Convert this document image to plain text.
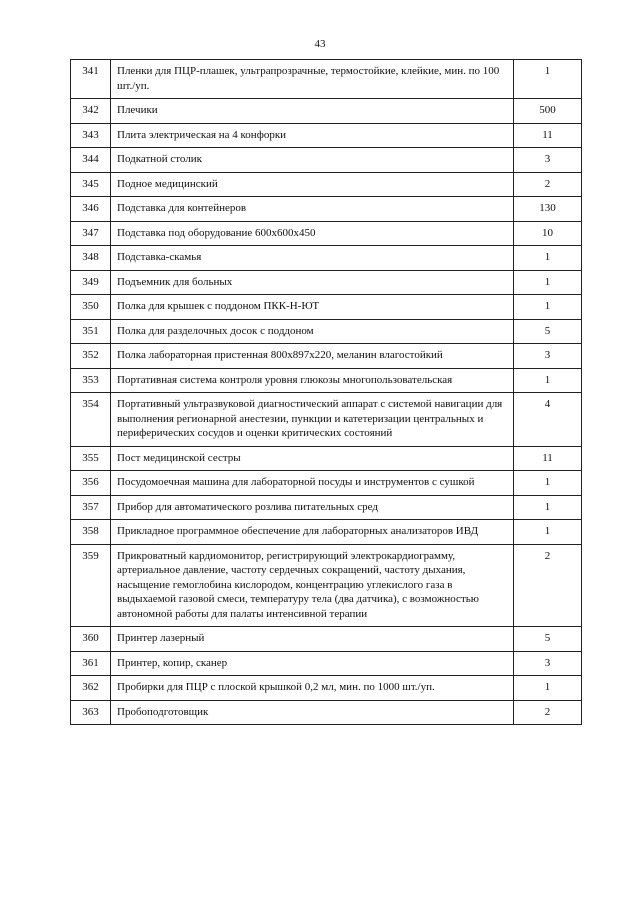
43
341	Пленки для ПЦР-плашек, ультрапрозрачные, термостойкие, клейкие, мин. по 100 шт./уп.	1
342	Плечики	500
343	Плита электрическая на 4 конфорки	11
344	Подкатной столик	3
345	Подное медицинский	2
346	Подставка для контейнеров	130
347	Подставка под оборудование 600x600x450	10
348	Подставка-скамья	1
349	Подъемник для больных	1
350	Полка для крышек с поддоном ПКК-Н-ЮТ	1
351	Полка для разделочных досок с поддоном	5
352	Полка лабораторная пристенная 800x897x220, меланин влагостойкий	3
353	Портативная система контроля уровня глюкозы многопользовательская	1
354	Портативный ультразвуковой диагностический аппарат с системой навигации для выполнения регионарной анестезии, пункции и катетеризации центральных и периферических сосудов и оценки критических состояний	4
355	Пост медицинской сестры	11
356	Посудомоечная машина для лабораторной посуды и инструментов с сушкой	1
357	Прибор для автоматического розлива питательных сред	1
358	Прикладное программное обеспечение для лабораторных анализаторов ИВД	1
359	Прикроватный кардиомонитор, регистрирующий электрокардиограмму, артериальное давление, частоту сердечных сокращений, частоту дыхания, насыщение гемоглобина кислородом, концентрацию углекислого газа в выдыхаемой газовой смеси, температуру тела (два датчика), с возможностью автономной работы для палаты интенсивной терапии	2
360	Принтер лазерный	5
361	Принтер, копир, сканер	3
362	Пробирки для ПЦР с плоской крышкой 0,2 мл, мин. по 1000 шт./уп.	1
363	Пробоподготовщик	2
